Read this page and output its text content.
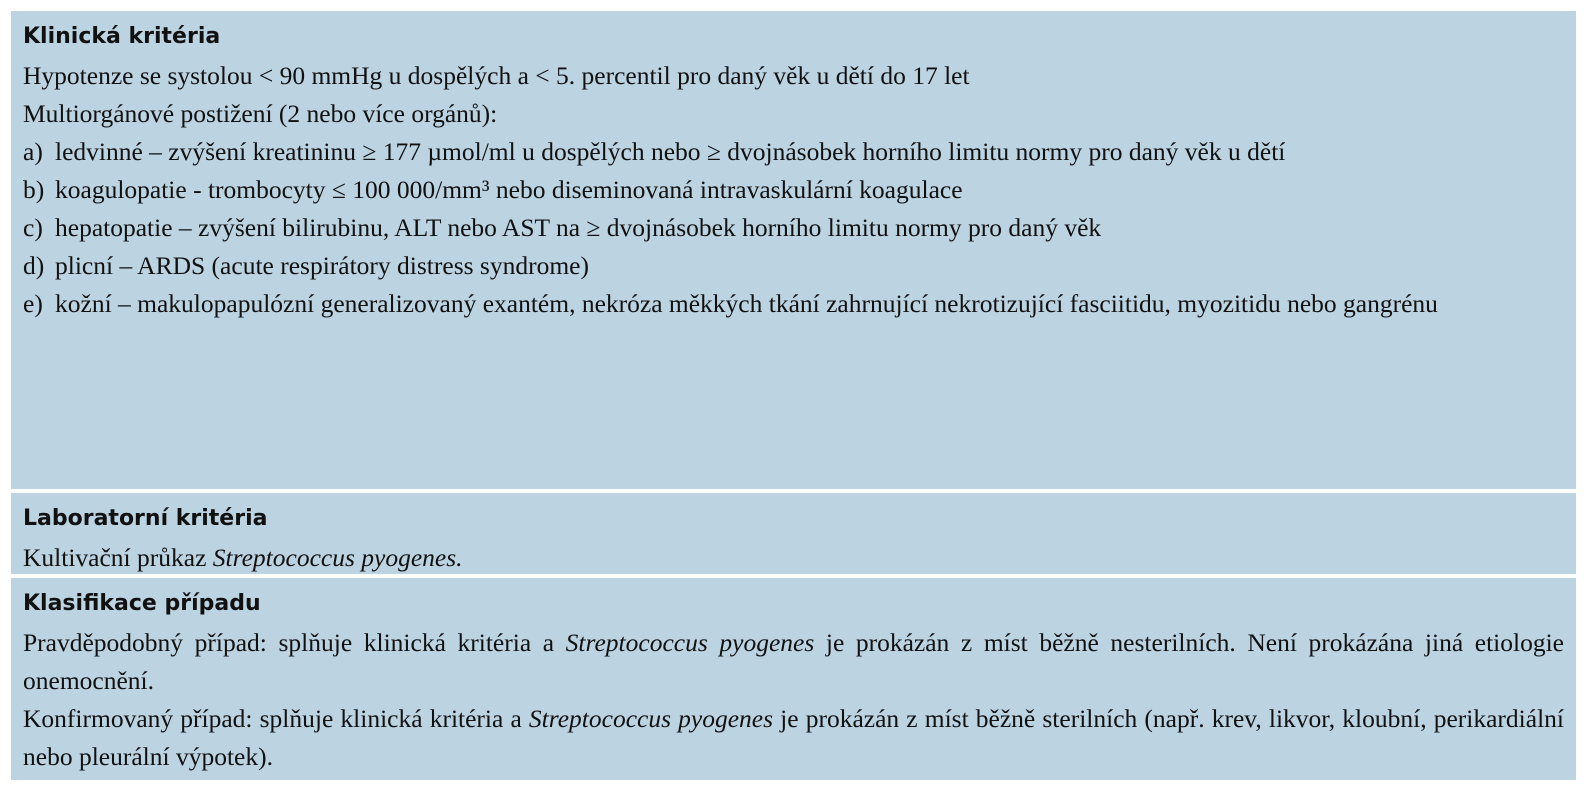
Klinická kritéria
Hypotenze se systolou < 90 mmHg u dospělých a < 5. percentil pro daný věk u dětí do 17 let
Multiorgánové postižení (2 nebo více orgánů):
a) ledvinné – zvýšení kreatininu ≥ 177 µmol/ml u dospělých nebo ≥ dvojnásobek horního limitu normy pro daný věk u dětí
b) koagulopatie - trombocyty ≤ 100 000/mm³ nebo diseminovaná intravaskulární koagulace
c) hepatopatie – zvýšení bilirubinu, ALT nebo AST na ≥ dvojnásobek horního limitu normy pro daný věk
d) plicní – ARDS (acute respirátory distress syndrome)
e) kožní – makulopapulózní generalizovaný exantém, nekróza měkkých tkání zahrnující nekrotizující fasciitidu, myozitidu nebo gangrénu
Laboratorní kritéria
Kultivační průkaz Streptococcus pyogenes.
Klasifikace případu
Pravděpodobný případ: splňuje klinická kritéria a Streptococcus pyogenes je prokázán z míst běžně nesterilních. Není prokázána jiná etiologie onemocnění.
Konfirmovaný případ: splňuje klinická kritéria a Streptococcus pyogenes je prokázán z míst běžně sterilních (např. krev, likvor, kloubní, perikardiální nebo pleurální výpotek).
